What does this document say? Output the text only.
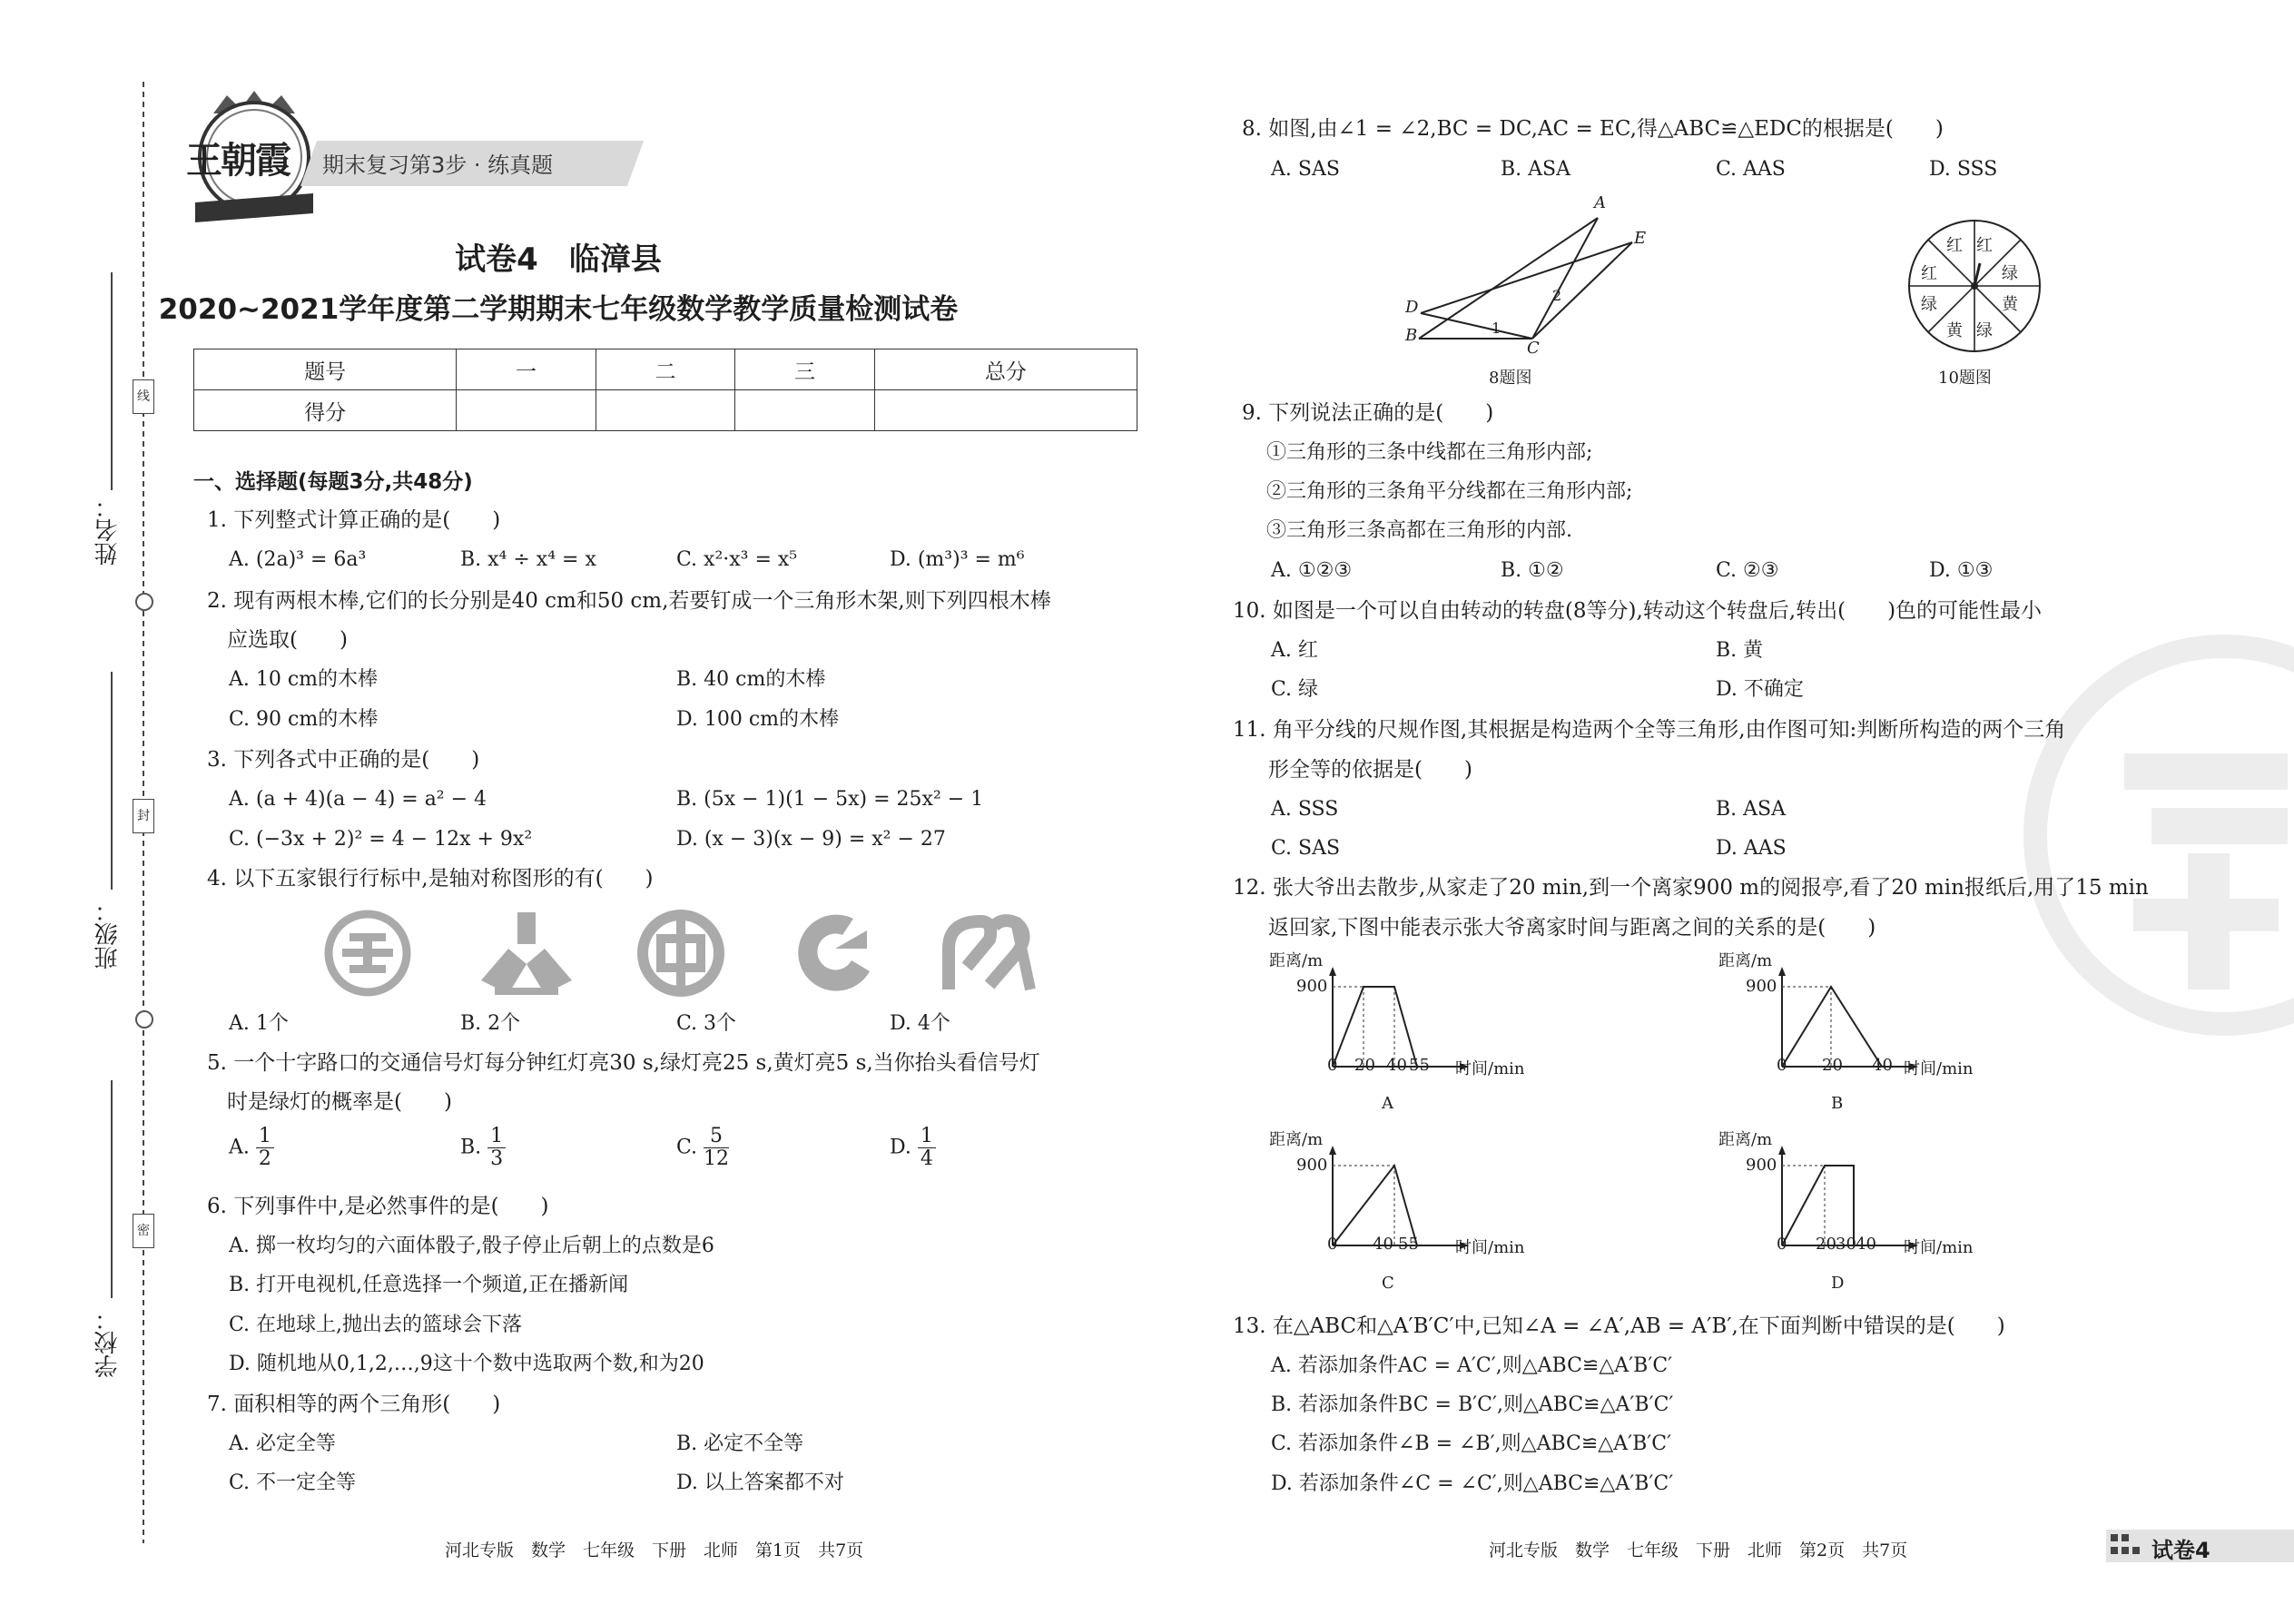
线
封
密
姓名：
班级：
学校：
王朝霞 期末复习第3步 · 练真题
试卷4　临漳县
2020~2021学年度第二学期期末七年级数学教学质量检测试卷
题号	一	二	三	总分
得分				
一、选择题(每题3分,共48分)
1. 下列整式计算正确的是(　　)
A. (2a)³ = 6a³	B. x⁴ ÷ x⁴ = x	C. x²·x³ = x⁵	D. (m³)³ = m⁶
2. 现有两根木棒,它们的长分别是40 cm和50 cm,若要钉成一个三角形木架,则下列四根木棒
应选取(　　)
A. 10 cm的木棒	B. 40 cm的木棒
C. 90 cm的木棒	D. 100 cm的木棒
3. 下列各式中正确的是(　　)
A. (a + 4)(a − 4) = a² − 4	B. (5x − 1)(1 − 5x) = 25x² − 1
C. (−3x + 2)² = 4 − 12x + 9x²	D. (x − 3)(x − 9) = x² − 27
4. 以下五家银行行标中,是轴对称图形的有(　　)
A. 1个	B. 2个	C. 3个	D. 4个
5. 一个十字路口的交通信号灯每分钟红灯亮30 s,绿灯亮25 s,黄灯亮5 s,当你抬头看信号灯
时是绿灯的概率是(　　)
A. $\frac{1}{2}$	B. $\frac{1}{3}$	C. $\frac{5}{12}$	D. $\frac{1}{4}$
6. 下列事件中,是必然事件的是(　　)
A. 掷一枚均匀的六面体骰子,骰子停止后朝上的点数是6
B. 打开电视机,任意选择一个频道,正在播新闻
C. 在地球上,抛出去的篮球会下落
D. 随机地从0,1,2,…,9这十个数中选取两个数,和为20
7. 面积相等的两个三角形(　　)
A. 必定全等	B. 必定不全等
C. 不一定全等	D. 以上答案都不对
河北专版　数学　七年级　下册　北师　第1页　共7页
8. 如图,由∠1 = ∠2,BC = DC,AC = EC,得△ABC≌△EDC的根据是(　　)
A. SAS	B. ASA	C. AAS	D. SSS
A
E
D
B
C
1
2
8题图
红 红
绿
黄
绿
黄
绿
红
10题图
9. 下列说法正确的是(　　)
①三角形的三条中线都在三角形内部;
②三角形的三条角平分线都在三角形内部;
③三角形三条高都在三角形的内部.
A. ①②③	B. ①②	C. ②③	D. ①③
10. 如图是一个可以自由转动的转盘(8等分),转动这个转盘后,转出(　　)色的可能性最小
A. 红	B. 黄
C. 绿	D. 不确定
11. 角平分线的尺规作图,其根据是构造两个全等三角形,由作图可知:判断所构造的两个三角
形全等的依据是(　　)
A. SSS	B. ASA
C. SAS	D. AAS
12. 张大爷出去散步,从家走了20 min,到一个离家900 m的阅报亭,看了20 min报纸后,用了15 min
返回家,下图中能表示张大爷离家时间与距离之间的关系的是(　　)
距离/m
900
0 20 40 55 时间/min
A
距离/m
900
0 20 40 时间/min
B
距离/m
900
0 40 55 时间/min
C
距离/m
900
0 20 30 40 时间/min
D
13. 在△ABC和△A′B′C′中,已知∠A = ∠A′,AB = A′B′,在下面判断中错误的是(　　)
A. 若添加条件AC = A′C′,则△ABC≌△A′B′C′
B. 若添加条件BC = B′C′,则△ABC≌△A′B′C′
C. 若添加条件∠B = ∠B′,则△ABC≌△A′B′C′
D. 若添加条件∠C = ∠C′,则△ABC≌△A′B′C′
河北专版　数学　七年级　下册　北师　第2页　共7页	试卷4
